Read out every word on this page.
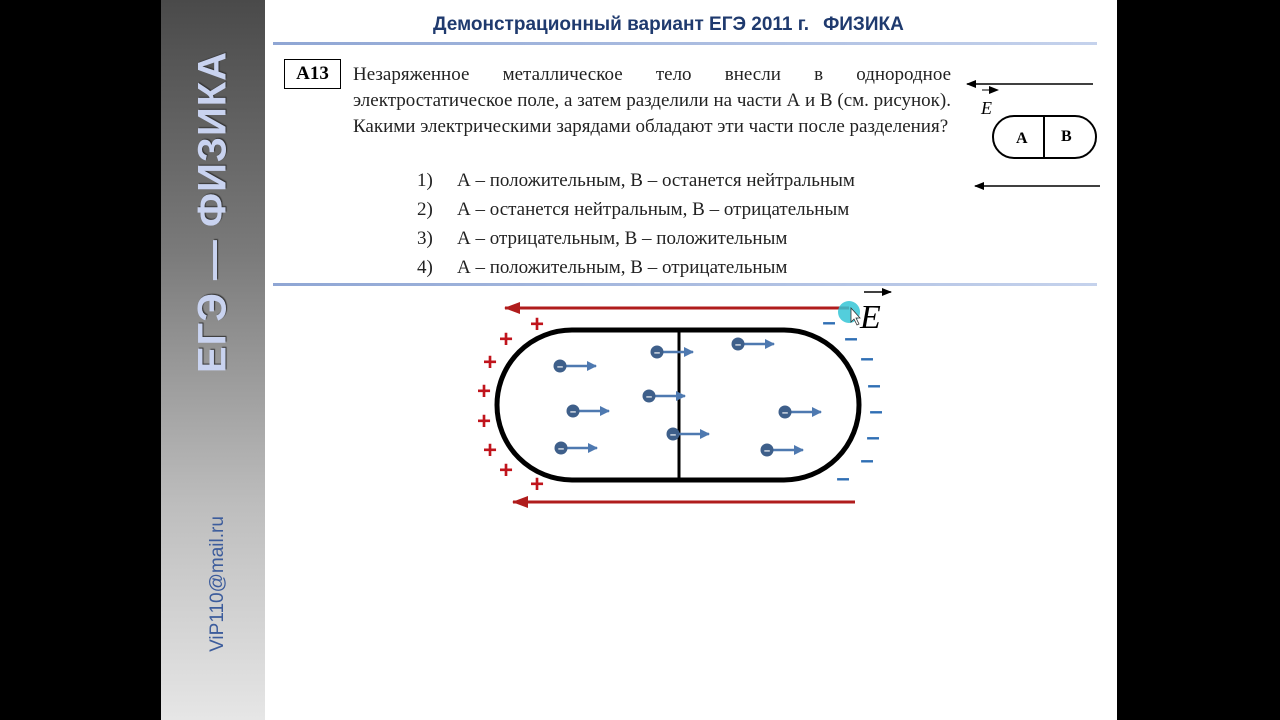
ЕГЭ — ФИЗИКА
ViP110@mail.ru
Демонстрационный вариант ЕГЭ 2011 г. ФИЗИКА
А13	Незаряженное металлическое тело внесли в однородное электростатическое поле, а затем разделили на части А и В (см. рисунок). Какими электрическими зарядами обладают эти части после разделения?
1) А – положительным, В – останется нейтральным
2) А – останется нейтральным, В – отрицательным
3) А – отрицательным, В – положительным
4) А – положительным, В – отрицательным
E
А В
E
+
+
+
+
+
+
+
+
–
–
–
–
–
–
–
–
–
–
–
–
–
–
–
–
–
